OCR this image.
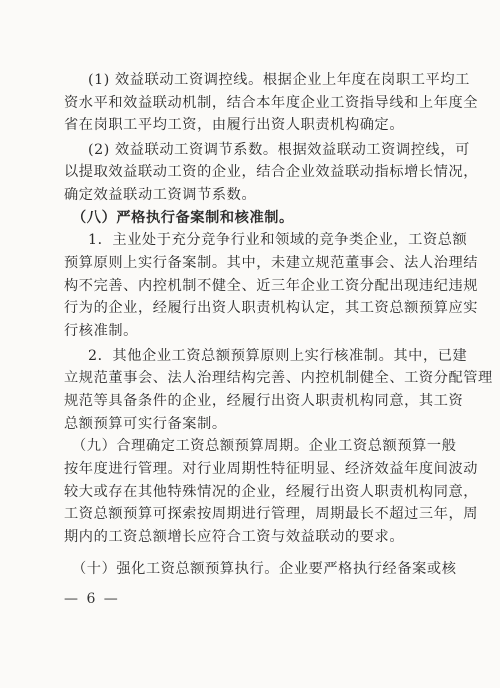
(1) 效益联动工资调控线。根据企业上年度在岗职工平均工
资水平和效益联动机制，结合本年度企业工资指导线和上年度全
省在岗职工平均工资，由履行出资人职责机构确定。
(2) 效益联动工资调节系数。根据效益联动工资调控线，可
以提取效益联动工资的企业，结合企业效益联动指标增长情况，
确定效益联动工资调节系数。
（八）严格执行备案制和核准制。
1．主业处于充分竞争行业和领域的竞争类企业，工资总额
预算原则上实行备案制。其中，未建立规范董事会、法人治理结
构不完善、内控机制不健全、近三年企业工资分配出现违纪违规
行为的企业，经履行出资人职责机构认定，其工资总额预算应实
行核准制。
2．其他企业工资总额预算原则上实行核准制。其中，已建
立规范董事会、法人治理结构完善、内控机制健全、工资分配管理
规范等具备条件的企业，经履行出资人职责机构同意，其工资
总额预算可实行备案制。
（九）合理确定工资总额预算周期。企业工资总额预算一般
按年度进行管理。对行业周期性特征明显、经济效益年度间波动
较大或存在其他特殊情况的企业，经履行出资人职责机构同意，
工资总额预算可探索按周期进行管理，周期最长不超过三年，周
期内的工资总额增长应符合工资与效益联动的要求。
（十）强化工资总额预算执行。企业要严格执行经备案或核
— 6 —
